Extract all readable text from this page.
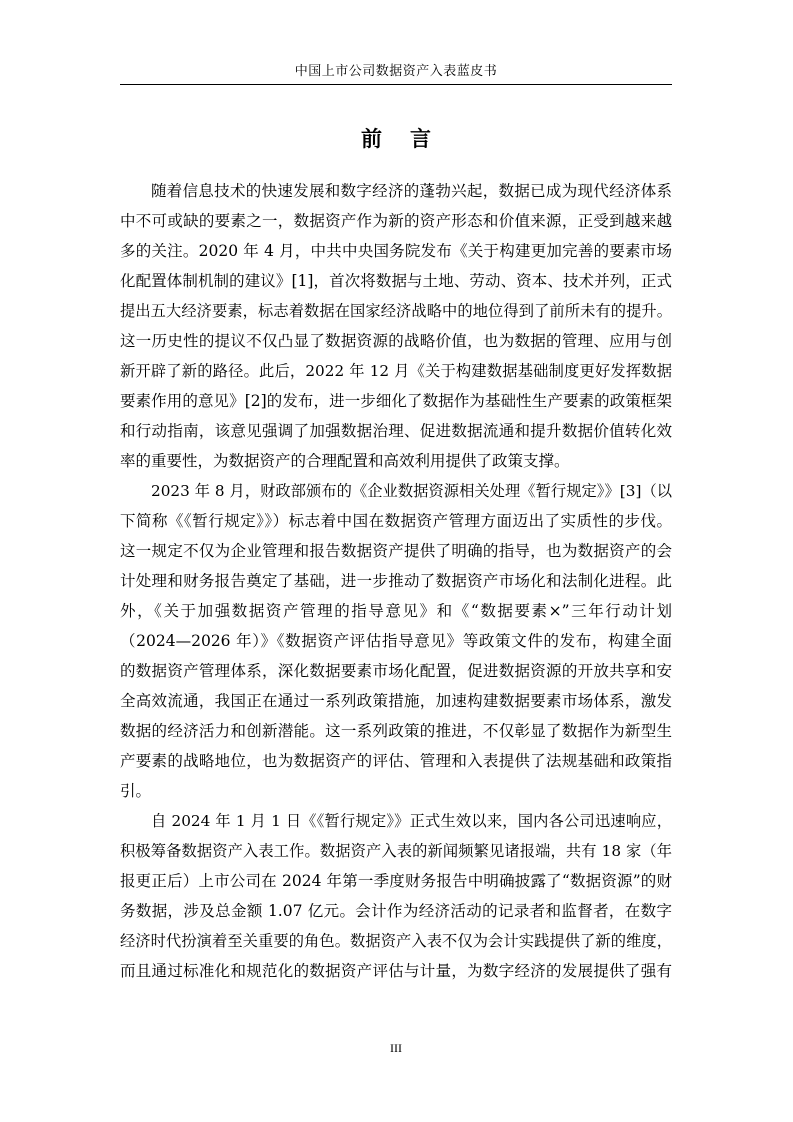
中国上市公司数据资产入表蓝皮书
前言
随着信息技术的快速发展和数字经济的蓬勃兴起，数据已成为现代经济体系
中不可或缺的要素之一，数据资产作为新的资产形态和价值来源，正受到越来越
多的关注。2020 年 4 月，中共中央国务院发布《关于构建更加完善的要素市场
化配置体制机制的建议》[1]，首次将数据与土地、劳动、资本、技术并列，正式
提出五大经济要素，标志着数据在国家经济战略中的地位得到了前所未有的提升。
这一历史性的提议不仅凸显了数据资源的战略价值，也为数据的管理、应用与创
新开辟了新的路径。此后，2022 年 12 月《关于构建数据基础制度更好发挥数据
要素作用的意见》[2]的发布，进一步细化了数据作为基础性生产要素的政策框架
和行动指南，该意见强调了加强数据治理、促进数据流通和提升数据价值转化效
率的重要性，为数据资产的合理配置和高效利用提供了政策支撑。
2023 年 8 月，财政部颁布的《企业数据资源相关处理《暂行规定》》[3]（以
下简称《《暂行规定》》）标志着中国在数据资产管理方面迈出了实质性的步伐。
这一规定不仅为企业管理和报告数据资产提供了明确的指导，也为数据资产的会
计处理和财务报告奠定了基础，进一步推动了数据资产市场化和法制化进程。此
外，《关于加强数据资产管理的指导意见》和《“数据要素×”三年行动计划
（2024—2026 年）》《数据资产评估指导意见》等政策文件的发布，构建全面
的数据资产管理体系，深化数据要素市场化配置，促进数据资源的开放共享和安
全高效流通，我国正在通过一系列政策措施，加速构建数据要素市场体系，激发
数据的经济活力和创新潜能。这一系列政策的推进，不仅彰显了数据作为新型生
产要素的战略地位，也为数据资产的评估、管理和入表提供了法规基础和政策指
引。
自 2024 年 1 月 1 日《《暂行规定》》正式生效以来，国内各公司迅速响应，
积极筹备数据资产入表工作。数据资产入表的新闻频繁见诸报端，共有 18 家（年
报更正后）上市公司在 2024 年第一季度财务报告中明确披露了“数据资源”的财
务数据，涉及总金额 1.07 亿元。会计作为经济活动的记录者和监督者，在数字
经济时代扮演着至关重要的角色。数据资产入表不仅为会计实践提供了新的维度，
而且通过标准化和规范化的数据资产评估与计量，为数字经济的发展提供了强有
III
